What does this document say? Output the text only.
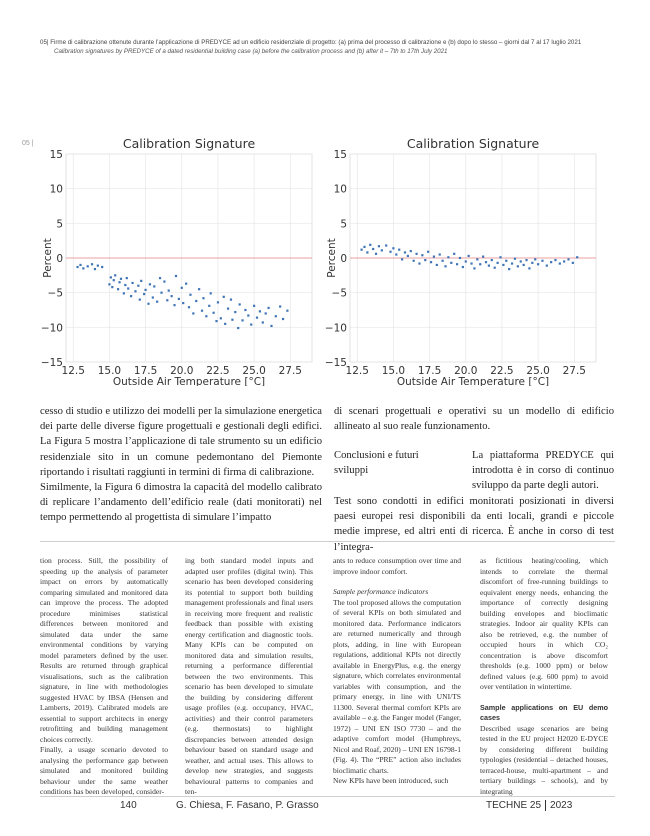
05| Firme di calibrazione ottenute durante l’applicazione di PREDYCE ad un edificio residenziale di progetto: (a) prima del processo di calibrazione e (b) dopo lo stesso – giorni dal 7 al 17 luglio 2021
Calibration signatures by PREDYCE of a dated residential building case (a) before the calibration process and (b) after it – 7th to 17th July 2021
05 |	Calibration Signature
12.5 15.0 17.5 20.0 22.5 25.0 27.5
−15
−10
−5
0
5
10
15
Outside Air Temperature [°C]
Percent
Calibration Signature
12.5 15.0 17.5 20.0 22.5 25.0 27.5
−15
−10
−5
0
5
10
15
Outside Air Temperature [°C]
Percent

cesso di studio e utilizzo dei modelli per la simulazione energetica dei parte delle diverse figure progettuali e gestionali degli edifici. La Figura 5 mostra l’applicazione di tale strumento su un edificio residenziale sito in un comune pedemontano del Piemonte riportando i risultati raggiunti in termini di firma di calibrazione.

Similmente, la Figura 6 dimostra la capacità del modello calibrato di replicare l’andamento dell’edificio reale (dati monitorati) nel tempo permettendo al progettista di simulare l’impatto

di scenari progettuali e operativi su un modello di edificio allineato al suo reale funzionamento.

Conclusioni e futuri sviluppi
La piattaforma PREDYCE qui introdotta è in corso di continuo sviluppo da parte degli autori.
Test sono condotti in edifici monitorati posizionati in diversi paesi europei resi disponibili da enti locali, grandi e piccole medie imprese, ed altri enti di ricerca. È anche in corso di test l’integra-

tion process. Still, the possibility of speeding up the analysis of parameter impact on errors by automatically comparing simulated and monitored data can improve the process. The adopted procedure minimises statistical differences between monitored and simulated data under the same environmental conditions by varying model parameters defined by the user. Results are returned through graphical visualisations, such as the calibration signature, in line with methodologies suggested HVAC by IBSA (Hensen and Lamberts, 2019). Calibrated models are essential to support architects in energy retrofitting and building management choices correctly.

Finally, a usage scenario devoted to analysing the performance gap between simulated and monitored building behaviour under the same weather conditions has been developed, consider-

ing both standard model inputs and adapted user profiles (digital twin). This scenario has been developed considering its potential to support both building management professionals and final users in receiving more frequent and realistic feedback than possible with existing energy certification and diagnostic tools. Many KPIs can be computed on monitored data and simulation results, returning a performance differential between the two environments. This scenario has been developed to simulate the building by considering different usage profiles (e.g. occupancy, HVAC, activities) and their control parameters (e.g. thermostats) to highlight discrepancies between attended design behaviour based on standard usage and weather, and actual uses. This allows to develop new strategies, and suggests behavioural patterns to companies and ten-

ants to reduce consumption over time and improve indoor comfort.

Sample performance indicators

The tool proposed allows the computation of several KPIs on both simulated and monitored data. Performance indicators are returned numerically and through plots, adding, in line with European regulations, additional KPIs not directly available in EnergyPlus, e.g. the energy signature, which correlates environmental variables with consumption, and the primary energy, in line with UNI/TS 11300. Several thermal comfort KPIs are available – e.g. the Fanger model (Fanger, 1972) – UNI EN ISO 7730 – and the adaptive comfort model (Humphreys, Nicol and Roaf, 2020) – UNI EN 16798-1 (Fig. 4). The “PRE” action also includes bioclimatic charts.

New KPIs have been introduced, such

as fictitious heating/cooling, which intends to correlate the thermal discomfort of free-running buildings to equivalent energy needs, enhancing the importance of correctly designing building envelopes and bioclimatic strategies. Indoor air quality KPIs can also be retrieved, e.g. the number of occupied hours in which CO₂ concentration is above discomfort thresholds (e.g. 1000 ppm) or below defined values (e.g. 600 ppm) to avoid over ventilation in wintertime.

Sample applications on EU demo cases

Described usage scenarios are being tested in the EU project H2020 E-DYCE by considering different building typologies (residential – detached houses, terraced-house, multi-apartment – and tertiary buildings – schools), and by integrating

140	G. Chiesa, F. Fasano, P. Grasso	TECHNE 25 2023
